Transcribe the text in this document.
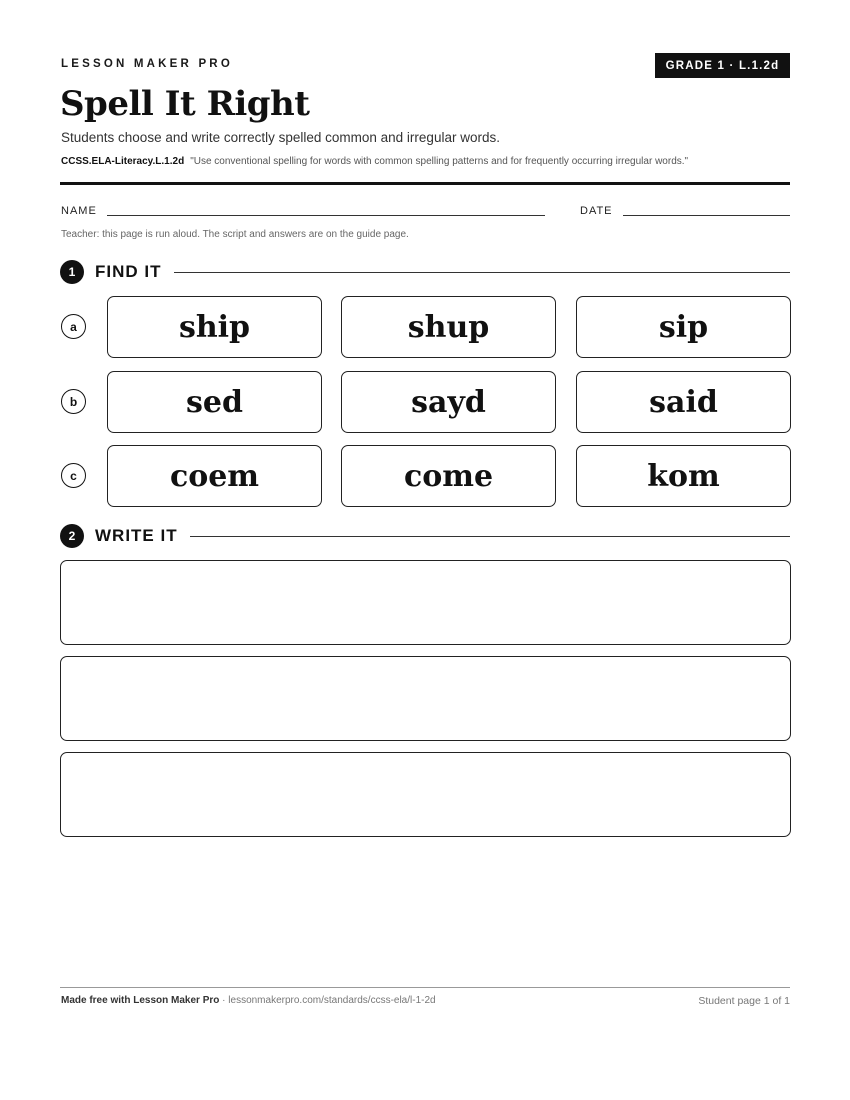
LESSON MAKER PRO	GRADE 1 · L.1.2d
Spell It Right
Students choose and write correctly spelled common and irregular words.
CCSS.ELA-Literacy.L.1.2d "Use conventional spelling for words with common spelling patterns and for frequently occurring irregular words."
NAME	DATE
Teacher: this page is run aloud. The script and answers are on the guide page.
1	FIND IT
a	ship	shup	sip
b	sed	sayd	said
c	coem	come	kom
2	WRITE IT
Made free with Lesson Maker Pro · lessonmakerpro.com/standards/ccss-ela/l-1-2d	Student page 1 of 1
